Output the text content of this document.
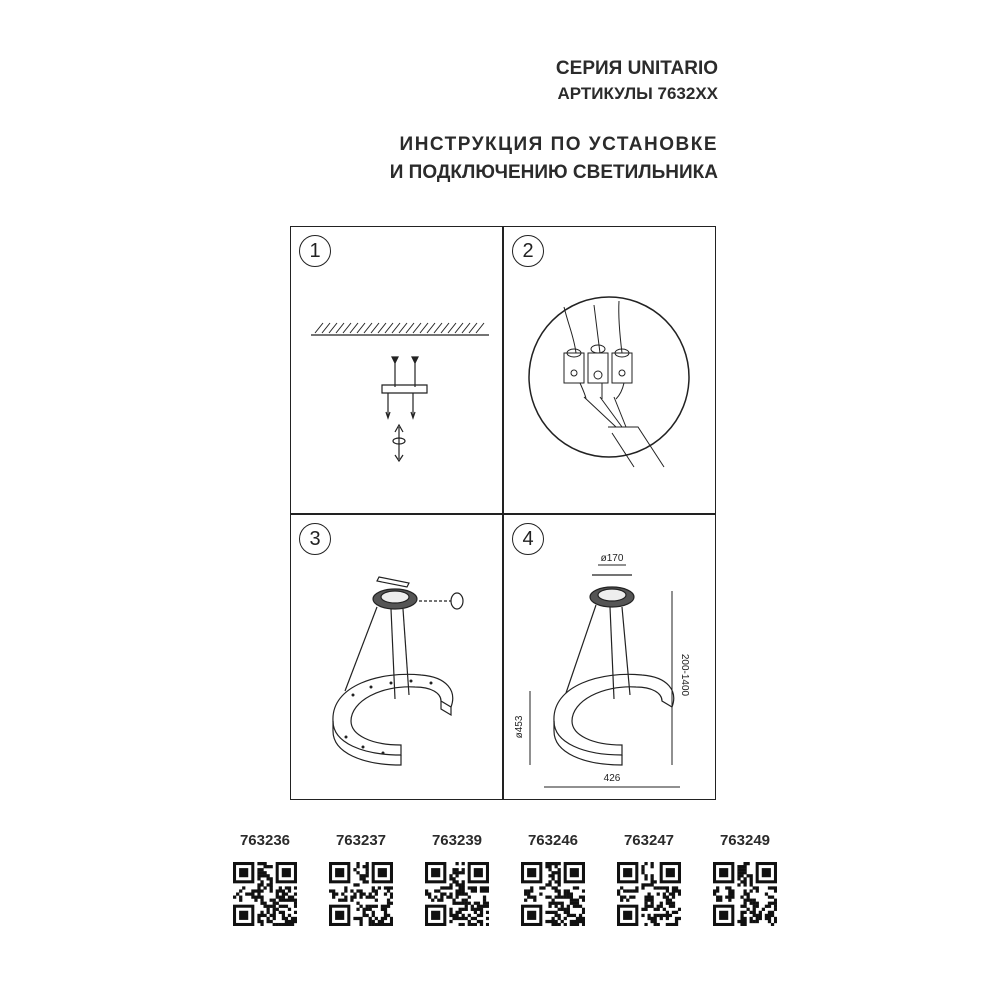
СЕРИЯ UNITARIO
АРТИКУЛЫ 7632XX
ИНСТРУКЦИЯ ПО УСТАНОВКЕ
И ПОДКЛЮЧЕНИЮ СВЕТИЛЬНИКА
1	2
3	4
ø170
200-1400
ø453
426
763236	763237	763239	763246	763247	763249
